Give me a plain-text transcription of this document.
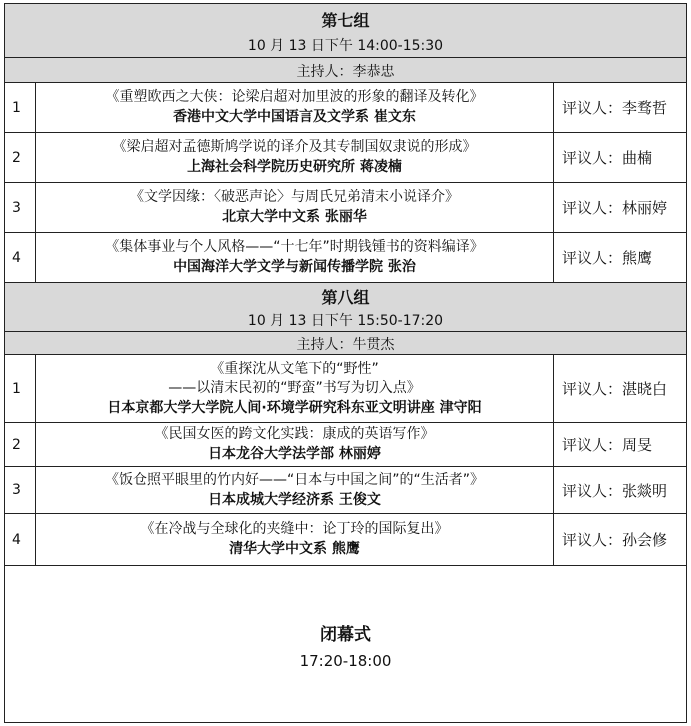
第七组
10 月 13 日下午 14:00-15:30
主持人：李恭忠
1
《重塑欧西之大侠：论梁启超对加里波的形象的翻译及转化》
香港中文大学中国语言及文学系 崔文东	评议人：李骛哲
2
《梁启超对孟德斯鸠学说的译介及其专制国奴隶说的形成》
上海社会科学院历史研究所 蒋凌楠	评议人：曲楠
3
《文学因缘：〈破恶声论〉与周氏兄弟清末小说译介》
北京大学中文系 张丽华	评议人：林丽婷
4
《集体事业与个人风格——“十七年”时期钱锺书的资料编译》
中国海洋大学文学与新闻传播学院 张治	评议人：熊鹰
第八组
10 月 13 日下午 15:50-17:20
主持人：牛贯杰
1
《重探沈从文笔下的“野性”
——以清末民初的“野蛮”书写为切入点》
日本京都大学大学院人间·环境学研究科东亚文明讲座 津守阳
评议人：湛晓白
2
《民国女医的跨文化实践：康成的英语写作》
日本龙谷大学法学部 林丽婷	评议人：周旻
3
《饭仓照平眼里的竹内好——“日本与中国之间”的“生活者”》
日本成城大学经济系 王俊文	评议人：张燚明
4
《在冷战与全球化的夹缝中：论丁玲的国际复出》
清华大学中文系 熊鹰	评议人：孙会修
闭幕式
17:20-18:00
